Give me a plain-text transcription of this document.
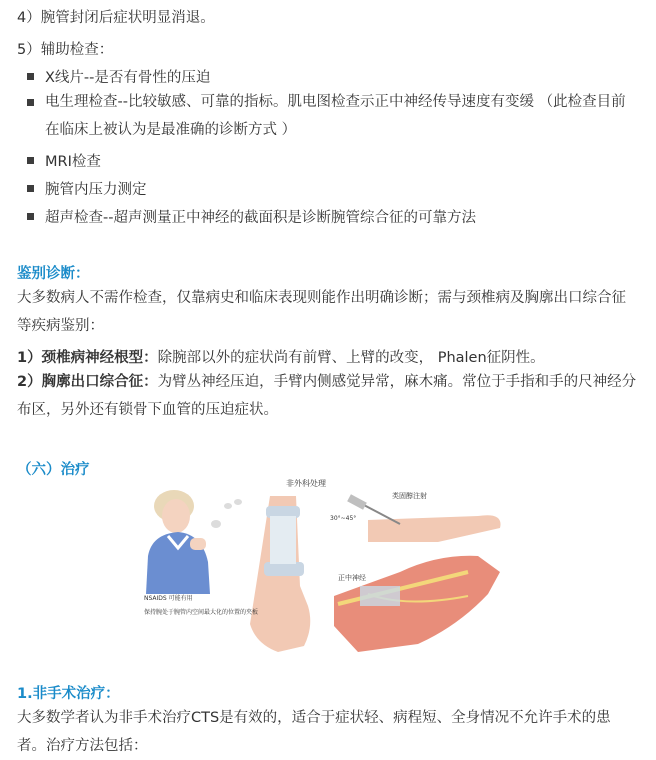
4）腕管封闭后症状明显消退。
5）辅助检查：
X线片--是否有骨性的压迫
电生理检查--比较敏感、可靠的指标。肌电图检查示正中神经传导速度有变缓 （此检查目前在临床上被认为是最准确的诊断方式 ）
MRI检查
腕管内压力测定
超声检查--超声测量正中神经的截面积是诊断腕管综合征的可靠方法
鉴别诊断：
大多数病人不需作检查，仅靠病史和临床表现则能作出明确诊断；需与颈椎病及胸廓出口综合征等疾病鉴别：
1）颈椎病神经根型：除腕部以外的症状尚有前臂、上臂的改变， Phalen征阴性。
2）胸廓出口综合征：为臂丛神经压迫，手臂内侧感觉异常，麻木痛。常位于手指和手的尺神经分布区，另外还有锁骨下血管的压迫症状。
（六）治疗
非外科处理
NSAIDS 可能有用
保持腕处于腕管内空间最大化的位置的夹板
类固醇注射
30°~45°
正中神经
1.非手术治疗：
大多数学者认为非手术治疗CTS是有效的，适合于症状轻、病程短、全身情况不允许手术的患者。治疗方法包括：
